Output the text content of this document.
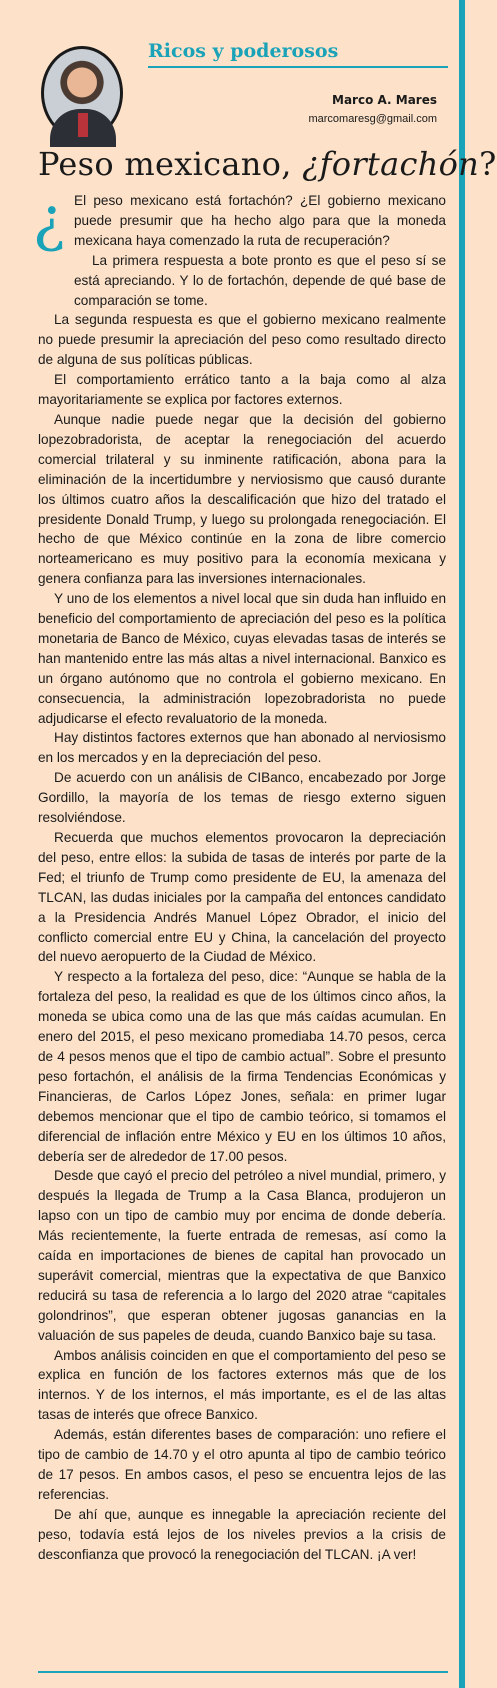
Ricos y poderosos
Marco A. Mares
marcomaresg@gmail.com
Peso mexicano, ¿fortachón?
¿ El peso mexicano está fortachón? ¿El gobierno mexicano puede presumir que ha hecho algo para que la moneda mexicana haya comenzado la ruta de recuperación?

La primera respuesta a bote pronto es que el peso sí se está apreciando. Y lo de fortachón, depende de qué base de comparación se tome.

La segunda respuesta es que el gobierno mexicano realmente no puede presumir la apreciación del peso como resultado directo de alguna de sus políticas públicas.

El comportamiento errático tanto a la baja como al alza mayoritariamente se explica por factores externos.

Aunque nadie puede negar que la decisión del gobierno lopezobradorista, de aceptar la renegociación del acuerdo comercial trilateral y su inminente ratificación, abona para la eliminación de la incertidumbre y nerviosismo que causó durante los últimos cuatro años la descalificación que hizo del tratado el presidente Donald Trump, y luego su prolongada renegociación. El hecho de que México continúe en la zona de libre comercio norteamericano es muy positivo para la economía mexicana y genera confianza para las inversiones internacionales.

Y uno de los elementos a nivel local que sin duda han influido en beneficio del comportamiento de apreciación del peso es la política monetaria de Banco de México, cuyas elevadas tasas de interés se han mantenido entre las más altas a nivel internacional. Banxico es un órgano autónomo que no controla el gobierno mexicano. En consecuencia, la administración lopezobradorista no puede adjudicarse el efecto revaluatorio de la moneda.

Hay distintos factores externos que han abonado al nerviosismo en los mercados y en la depreciación del peso.

De acuerdo con un análisis de CIBanco, encabezado por Jorge Gordillo, la mayoría de los temas de riesgo externo siguen resolviéndose.

Recuerda que muchos elementos provocaron la depreciación del peso, entre ellos: la subida de tasas de interés por parte de la Fed; el triunfo de Trump como presidente de EU, la amenaza del TLCAN, las dudas iniciales por la campaña del entonces candidato a la Presidencia Andrés Manuel López Obrador, el inicio del conflicto comercial entre EU y China, la cancelación del proyecto del nuevo aeropuerto de la Ciudad de México.

Y respecto a la fortaleza del peso, dice: “Aunque se habla de la fortaleza del peso, la realidad es que de los últimos cinco años, la moneda se ubica como una de las que más caídas acumulan. En enero del 2015, el peso mexicano promediaba 14.70 pesos, cerca de 4 pesos menos que el tipo de cambio actual”. Sobre el presunto peso fortachón, el análisis de la firma Tendencias Económicas y Financieras, de Carlos López Jones, señala: en primer lugar debemos mencionar que el tipo de cambio teórico, si tomamos el diferencial de inflación entre México y EU en los últimos 10 años, debería ser de alrededor de 17.00 pesos.

Desde que cayó el precio del petróleo a nivel mundial, primero, y después la llegada de Trump a la Casa Blanca, produjeron un lapso con un tipo de cambio muy por encima de donde debería. Más recientemente, la fuerte entrada de remesas, así como la caída en importaciones de bienes de capital han provocado un superávit comercial, mientras que la expectativa de que Banxico reducirá su tasa de referencia a lo largo del 2020 atrae “capitales golondrinos”, que esperan obtener jugosas ganancias en la valuación de sus papeles de deuda, cuando Banxico baje su tasa.

Ambos análisis coinciden en que el comportamiento del peso se explica en función de los factores externos más que de los internos. Y de los internos, el más importante, es el de las altas tasas de interés que ofrece Banxico.

Además, están diferentes bases de comparación: uno refiere el tipo de cambio de 14.70 y el otro apunta al tipo de cambio teórico de 17 pesos. En ambos casos, el peso se encuentra lejos de las referencias.

De ahí que, aunque es innegable la apreciación reciente del peso, todavía está lejos de los niveles previos a la crisis de desconfianza que provocó la renegociación del TLCAN. ¡A ver!
